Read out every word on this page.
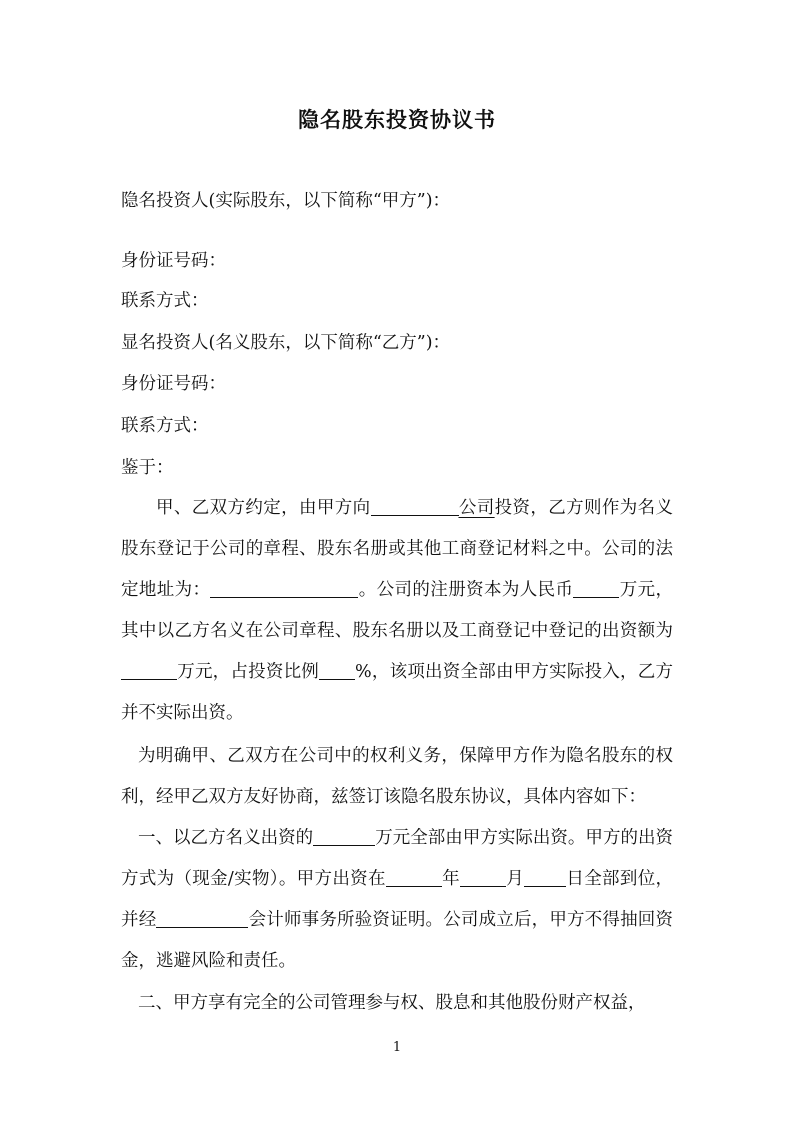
隐名股东投资协议书
隐名投资人(实际股东，以下简称“甲方”)：
身份证号码：
联系方式：
显名投资人(名义股东，以下简称“乙方”)：
身份证号码：
联系方式：
鉴于：
甲、乙双方约定，由甲方向	公司投资，乙方则作为名义股东登记于公司的章程、股东名册或其他工商登记材料之中。公司的法定地址为：	。公司的注册资本为人民币	万元，其中以乙方名义在公司章程、股东名册以及工商登记中登记的出资额为万元，占投资比例 %，该项出资全部由甲方实际投入，乙方并不实际出资。
为明确甲、乙双方在公司中的权利义务，保障甲方作为隐名股东的权利，经甲乙双方友好协商，兹签订该隐名股东协议，具体内容如下：
一、以乙方名义出资的	万元全部由甲方实际出资。甲方的出资方式为（现金/实物）。甲方出资在	年	月 日全部到位，并经	会计师事务所验资证明。公司成立后，甲方不得抽回资金，逃避风险和责任。
二、甲方享有完全的公司管理参与权、股息和其他股份财产权益，
1
